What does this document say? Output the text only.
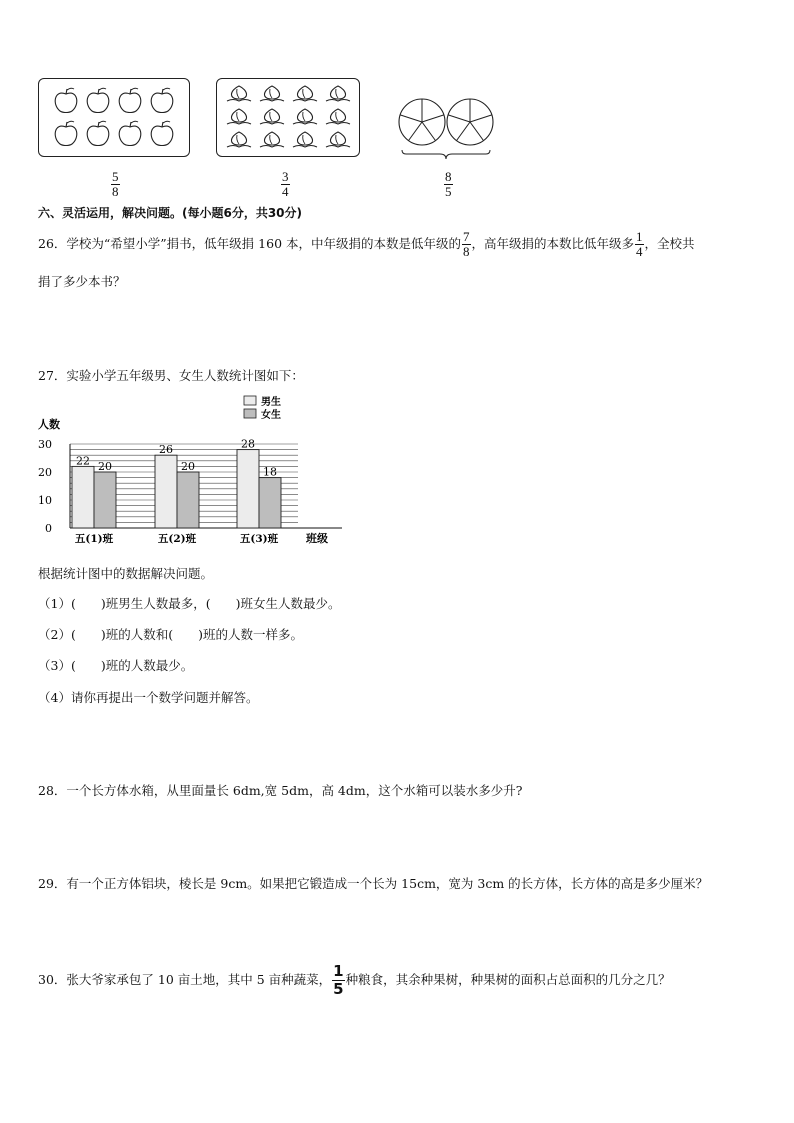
$\frac{5}{8}$	$\frac{3}{4}$	$\frac{8}{5}$
六、灵活运用，解决问题。(每小题6分，共30分)
26．学校为“希望小学”捐书，低年级捐 160 本，中年级捐的本数是低年级的 $\frac{7}{8}$ ，高年级捐的本数比低年级多 $\frac{1}{4}$ ，全校共
捐了多少本书？
27．实验小学五年级男、女生人数统计图如下：
男生
女生
人数
22 20
26
20
28
18
0
10
20
30
五(1)班	五(2)班	五(3)班	班级
根据统计图中的数据解决问题。
（1）(　　)班男生人数最多，(　　)班女生人数最少。
（2）(　　)班的人数和(　　)班的人数一样多。
（3）(　　)班的人数最少。
（4）请你再提出一个数学问题并解答。
28．一个长方体水箱，从里面量长 6dm,宽 5dm，高 4dm，这个水箱可以装水多少升?
29．有一个正方体铝块，棱长是 9cm。如果把它锻造成一个长为 15cm，宽为 3cm 的长方体，长方体的高是多少厘米？
30．张大爷家承包了 10 亩土地，其中 5 亩种蔬菜， $\frac{1}{5}$ 种粮食，其余种果树，种果树的面积占总面积的几分之几？
